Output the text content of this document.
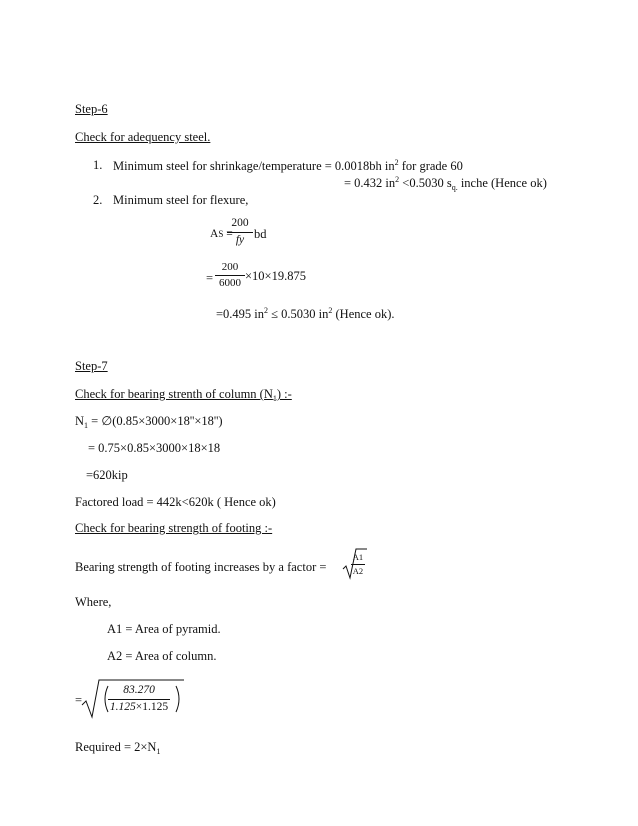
Step-6
Check for adequency steel.
1. Minimum steel for shrinkage/temperature = 0.0018bh $in^2$ for grade 60
= 0.432 $in^2 <0.5030$ $s_{q.}$ inche (Hence ok)
2. Minimum steel for flexure,
AS =
$\frac{200}{fy}$ bd
= $\frac{200}{6000} \times 10\times 19.875$
=0.495 $in^2 \le 0.5030$ $in^2$ (Hence ok).
Step-7
Check for bearing strenth of column $(N_1)$ :-
$N_1$ = ∅(0.85×3000×18''×18'')
= 0.75×0.85×3000×18×18
=620kip
Factored load = 442k<620k ( Hence ok)
Check for bearing strength of footing :-
Bearing strength of footing increases by a factor =	$\frac{A1}{A2}$
Where,
A1 = Area of pyramid.
A2 = Area of column.
= $\frac{83.270}{1.125\times 1.125}$
Required = $2\times N_1$
